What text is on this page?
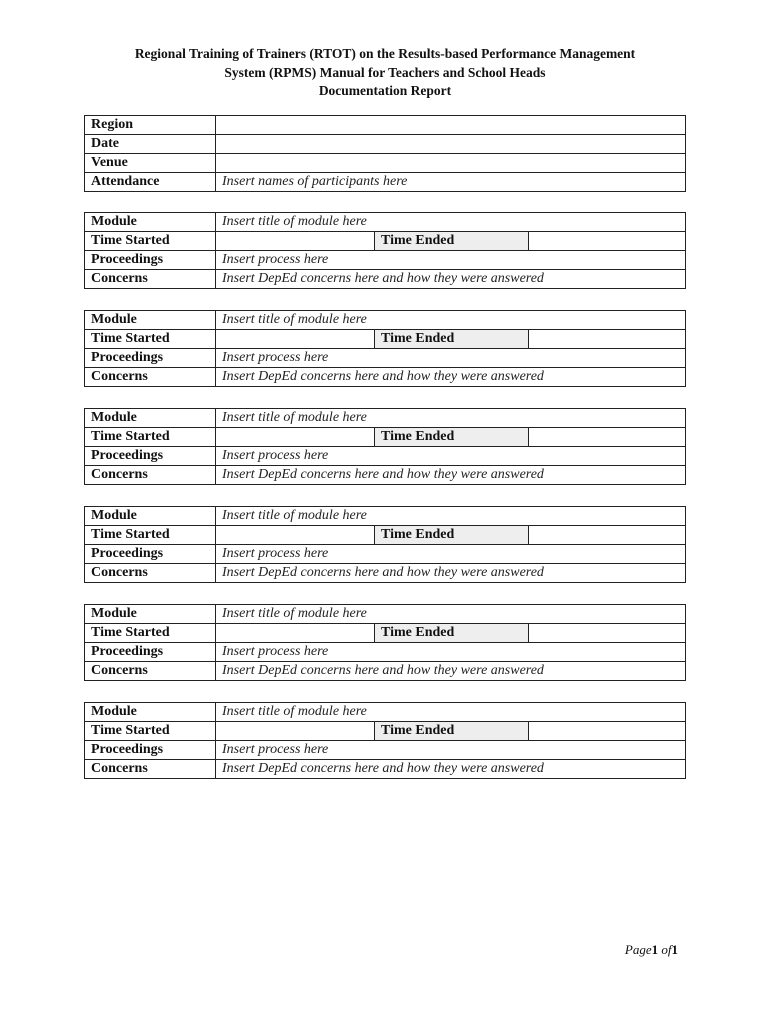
Regional Training of Trainers (RTOT) on the Results-based Performance Management
System (RPMS) Manual for Teachers and School Heads
Documentation Report
Region	
Date	
Venue	
Attendance	Insert names of participants here
Module	Insert title of module here		
Time Started		Time Ended	
Proceedings	Insert process here		
Concerns	Insert DepEd concerns here and how they were answered		
Module	Insert title of module here		
Time Started		Time Ended	
Proceedings	Insert process here		
Concerns	Insert DepEd concerns here and how they were answered		
Module	Insert title of module here		
Time Started		Time Ended	
Proceedings	Insert process here		
Concerns	Insert DepEd concerns here and how they were answered		
Module	Insert title of module here		
Time Started		Time Ended	
Proceedings	Insert process here		
Concerns	Insert DepEd concerns here and how they were answered		
Module	Insert title of module here		
Time Started		Time Ended	
Proceedings	Insert process here		
Concerns	Insert DepEd concerns here and how they were answered		
Module	Insert title of module here		
Time Started		Time Ended	
Proceedings	Insert process here		
Concerns	Insert DepEd concerns here and how they were answered		
Page1 of1
